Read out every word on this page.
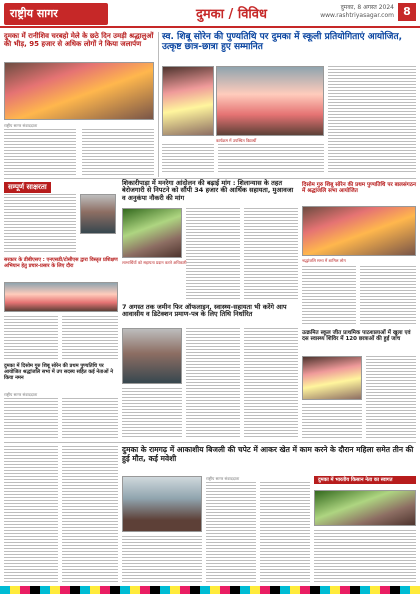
राष्ट्रीय सागर	दुमका / विविध	दुमका, 8 अगस्त 2024
www.rashtriyasagar.com 8
दुमका में रानीशिव चरबहो मेले के छठे दिन उमड़ी श्रद्धालुओं की भीड़, 95 हजार से अधिक लोगों ने किया जलार्पण
राष्ट्रीय सागर संवाददाता
स्व. शिबू सोरेन की पुण्यतिथि पर दुमका में स्कूली प्रतियोगिताएं आयोजित, उत्कृष्ट छात्र-छात्रा हुए सम्मानित
कार्यक्रम में उपस्थित विद्यार्थी
सम्पूर्ण साक्षरता	शिकारीपाड़ा में मनरेगा आंदोलन की बढ़ाई मांग : शिलान्यास के तहत बेरोजगारी से निपटने को सौंपी 34 हजार की आर्थिक सहायता, मुआवजा व अनुकंपा नौकरी की मांग
लाभार्थियों को सहायता प्रदान करते अधिकारी
दिसोम गुरु शिबू सोरेन की प्रथम पुण्यतिथि पर बालसंगठन में श्रद्धांजलि सभा आयोजित
श्रद्धांजलि सभा में शामिल लोग
सरकार के डीबीएसए : एनएसडी/टोसीएस द्वारा विस्तृत प्रशिक्षण अभियान हेतु प्रचार-प्रसार के लिए दौरा
7 अगस्त तक जमीन फिर ऑफलाइन, स्वास्थ्य-सहायता भी करेंगे आप आवासीय व डिटेक्शन प्रमाण-पत्र के लिए तिथि निर्धारित
उत्क्रमित स्कूल जीत प्राथमिक पाठशालाओं में खुला एवं दस स्वास्थ्य शिविर में 120 छात्राओं की हुई जांच
दुमका में दिसोम गुरु शिबू सोरेन की प्रथम पुण्यतिथि पर आयोजित श्रद्धांजलि सभा में उप सदस्य सहित कई नेताओं ने किया नमन
राष्ट्रीय सागर संवाददाता
दुमका के रामगढ़ में आकाशीय बिजली की चपेट में आकर खेत में काम करने के दौरान महिला समेत तीन की हुई मौत, कई मवेशी
राष्ट्रीय सागर संवाददाता	दुमका में भारतीय किसान नेता का स्वागत
